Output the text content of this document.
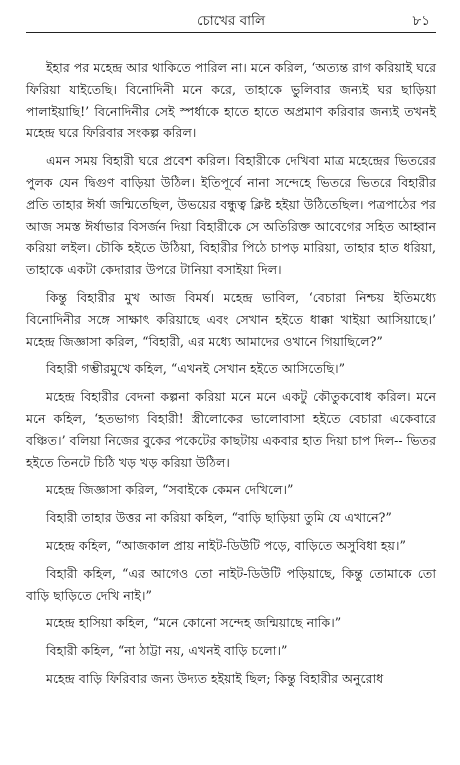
চোখের বালি	৮১

ইহার পর মহেন্দ্র আর থাকিতে পারিল না। মনে করিল, ‘অত্যন্ত রাগ করিয়াই ঘরে ফিরিয়া যাইতেছি। বিনোদিনী মনে করে, তাহাকে ভুলিবার জন্যই ঘর ছাড়িয়া পালাইয়াছি!’ বিনোদিনীর সেই স্পর্ধাকে হাতে হাতে অপ্রমাণ করিবার জন্যই তখনই মহেন্দ্র ঘরে ফিরিবার সংকল্প করিল।

এমন সময় বিহারী ঘরে প্রবেশ করিল। বিহারীকে দেখিবা মাত্র মহেন্দ্রের ভিতরের পুলক যেন দ্বিগুণ বাড়িয়া উঠিল। ইতিপূর্বে নানা সন্দেহে ভিতরে ভিতরে বিহারীর প্রতি তাহার ঈর্ষা জন্মিতেছিল, উভয়ের বন্ধুত্ব ক্লিষ্ট হইয়া উঠিতেছিল। পত্রপাঠের পর আজ সমস্ত ঈর্ষাভার বিসর্জন দিয়া বিহারীকে সে অতিরিক্ত আবেগের সহিত আহ্বান করিয়া লইল। চৌকি হইতে উঠিয়া, বিহারীর পিঠে চাপড় মারিয়া, তাহার হাত ধরিয়া, তাহাকে একটা কেদারার উপরে টানিয়া বসাইয়া দিল।

কিন্তু বিহারীর মুখ আজ বিমর্ষ। মহেন্দ্র ভাবিল, ‘বেচারা নিশ্চয় ইতিমধ্যে বিনোদিনীর সঙ্গে সাক্ষাৎ করিয়াছে এবং সেখান হইতে ধাক্কা খাইয়া আসিয়াছে।’ মহেন্দ্র জিজ্ঞাসা করিল, “বিহারী, এর মধ্যে আমাদের ওখানে গিয়াছিলে?”

বিহারী গম্ভীরমুখে কহিল, “এখনই সেখান হইতে আসিতেছি।”

মহেন্দ্র বিহারীর বেদনা কল্পনা করিয়া মনে মনে একটু কৌতুকবোধ করিল। মনে মনে কহিল, ‘হতভাগ্য বিহারী! স্ত্রীলোকের ভালোবাসা হইতে বেচারা একেবারে বঞ্চিত।’ বলিয়া নিজের বুকের পকেটের কাছটায় একবার হাত দিয়া চাপ দিল-- ভিতর হইতে তিনটে চিঠি খড় খড় করিয়া উঠিল।

মহেন্দ্র জিজ্ঞাসা করিল, “সবাইকে কেমন দেখিলে।”

বিহারী তাহার উত্তর না করিয়া কহিল, “বাড়ি ছাড়িয়া তুমি যে এখানে?”

মহেন্দ্র কহিল, “আজকাল প্রায় নাইট-ডিউটি পড়ে, বাড়িতে অসুবিধা হয়।”

বিহারী কহিল, “এর আগেও তো নাইট-ডিউটি পড়িয়াছে, কিন্তু তোমাকে তো বাড়ি ছাড়িতে দেখি নাই।”

মহেন্দ্র হাসিয়া কহিল, “মনে কোনো সন্দেহ জন্মিয়াছে নাকি।”

বিহারী কহিল, “না ঠাট্টা নয়, এখনই বাড়ি চলো।”

মহেন্দ্র বাড়ি ফিরিবার জন্য উদ্যত হইয়াই ছিল; কিন্তু বিহারীর অনুরোধ
